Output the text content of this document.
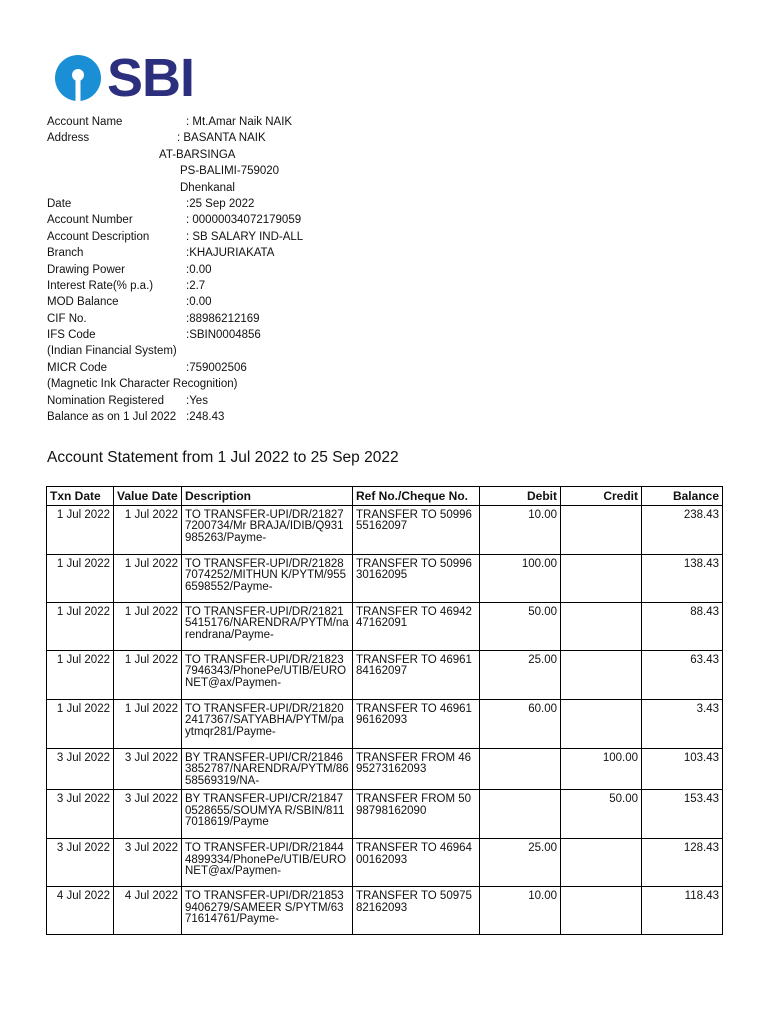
SBI
Account Name	: Mt.Amar Naik NAIK
Address	: BASANTA NAIK
AT-BARSINGA
PS-BALIMI-759020
Dhenkanal
Date	:25 Sep 2022
Account Number	: 00000034072179059
Account Description	: SB SALARY IND-ALL
Branch	:KHAJURIAKATA
Drawing Power	:0.00
Interest Rate(% p.a.)	:2.7
MOD Balance	:0.00
CIF No.	:88986212169
IFS Code	:SBIN0004856
(Indian Financial System)
MICR Code	:759002506
(Magnetic Ink Character Recognition)
Nomination Registered :Yes
Balance as on 1 Jul 2022 :248.43
Account Statement from 1 Jul 2022 to 25 Sep 2022
Txn Date	Value Date	Description	Ref No./Cheque No.	Debit	Credit	Balance
1 Jul 2022	1 Jul 2022	TO TRANSFER-UPI/DR/218277200734/Mr BRAJA/IDIB/Q931985263/Payme-	TRANSFER TO 5099655162097	10.00		238.43
1 Jul 2022	1 Jul 2022	TO TRANSFER-UPI/DR/218287074252/MITHUN K/PYTM/9556598552/Payme-	TRANSFER TO 5099630162095	100.00		138.43
1 Jul 2022	1 Jul 2022	TO TRANSFER-UPI/DR/218215415176/NARENDRA/PYTM/narendrana/Payme-	TRANSFER TO 4694247162091	50.00		88.43
1 Jul 2022	1 Jul 2022	TO TRANSFER-UPI/DR/218237946343/PhonePe/UTIB/EURONET@ax/Paymen-	TRANSFER TO 4696184162097	25.00		63.43
1 Jul 2022	1 Jul 2022	TO TRANSFER-UPI/DR/218202417367/SATYABHA/PYTM/paytmqr281/Payme-	TRANSFER TO 4696196162093	60.00		3.43
3 Jul 2022	3 Jul 2022	BY TRANSFER-UPI/CR/218463852787/NARENDRA/PYTM/8658569319/NA-	TRANSFER FROM 4695273162093		100.00	103.43
3 Jul 2022	3 Jul 2022	BY TRANSFER-UPI/CR/218470528655/SOUMYA R/SBIN/8117018619/Payme	TRANSFER FROM 5098798162090		50.00	153.43
3 Jul 2022	3 Jul 2022	TO TRANSFER-UPI/DR/218444899334/PhonePe/UTIB/EURONET@ax/Paymen-	TRANSFER TO 4696400162093	25.00		128.43
4 Jul 2022	4 Jul 2022	TO TRANSFER-UPI/DR/218539406279/SAMEER S/PYTM/6371614761/Payme-	TRANSFER TO 5097582162093	10.00		118.43
